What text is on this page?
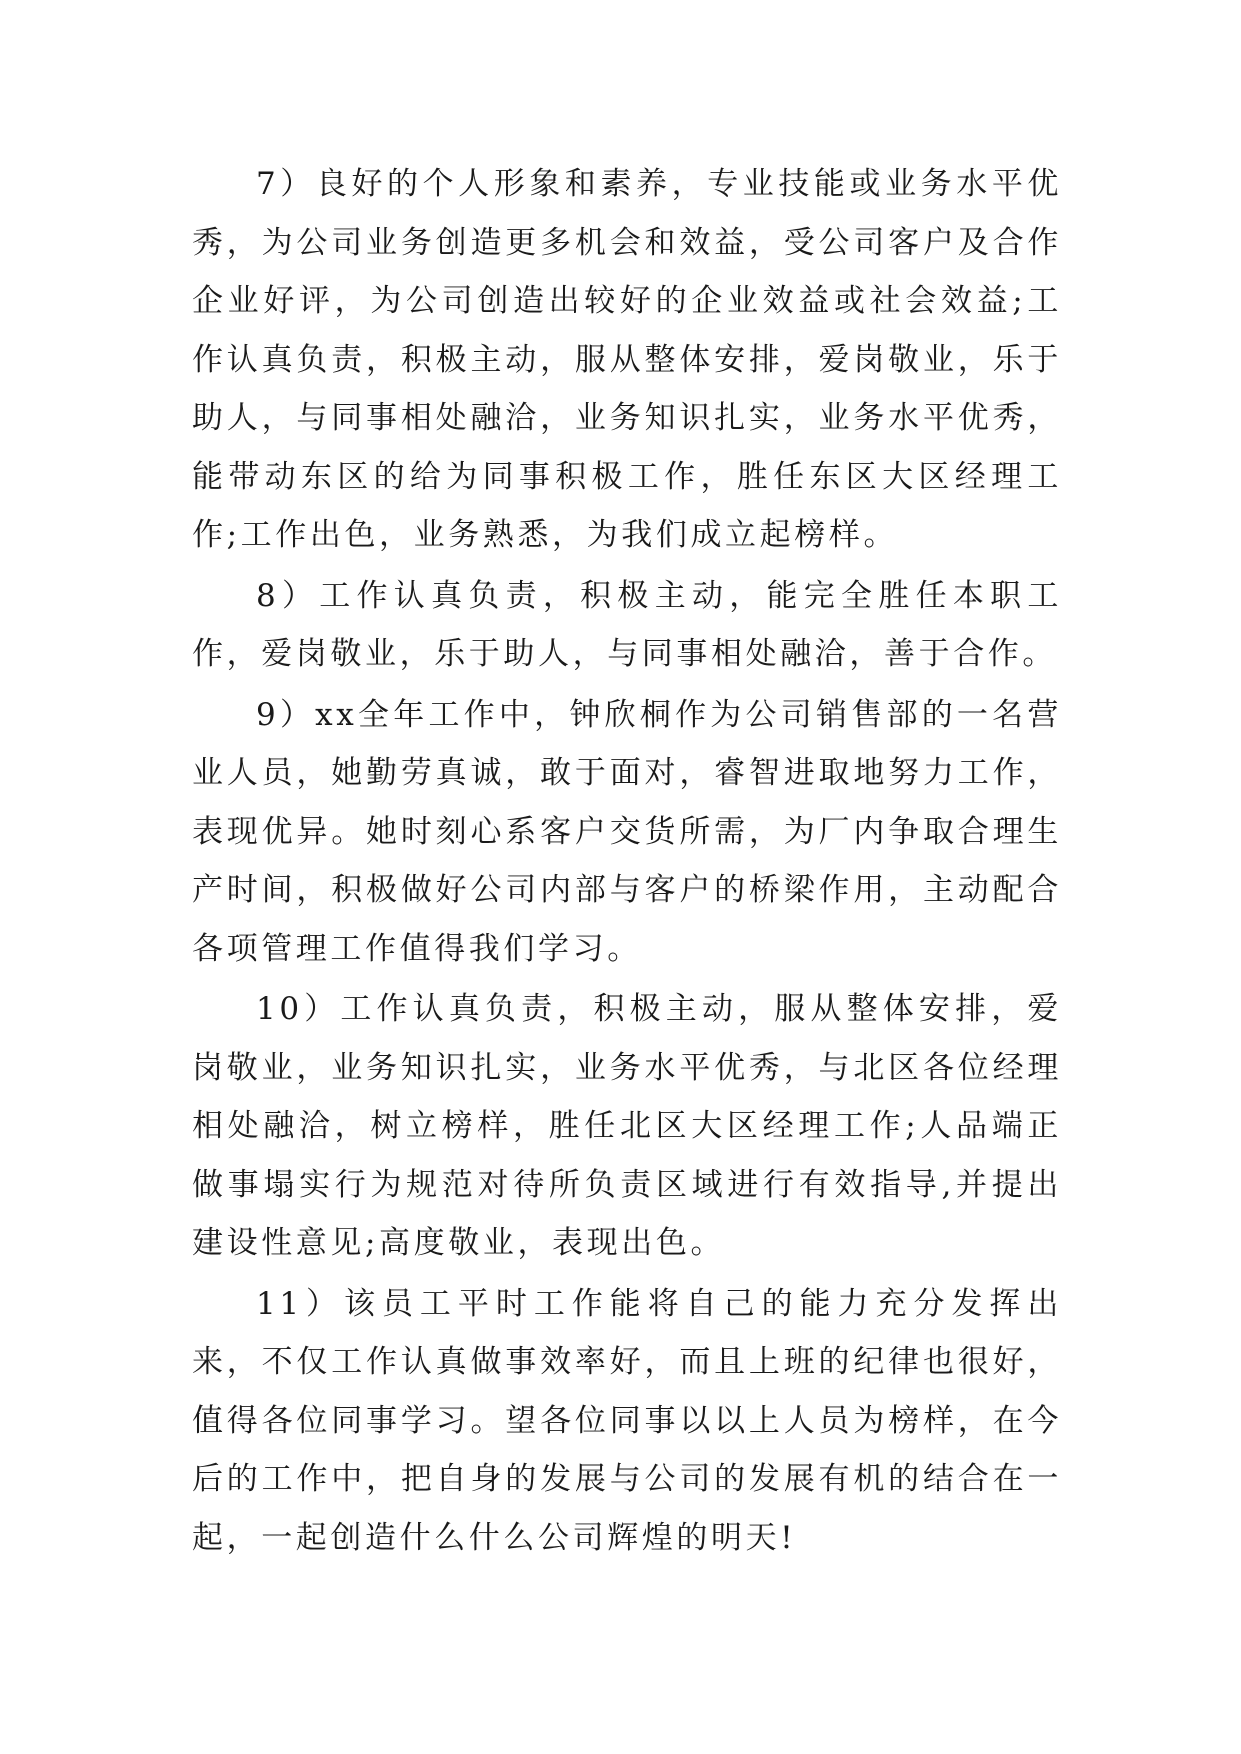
7）良好的个人形象和素养，专业技能或业务水平优秀，为公司业务创造更多机会和效益，受公司客户及合作企业好评，为公司创造出较好的企业效益或社会效益;工作认真负责，积极主动，服从整体安排，爱岗敬业，乐于助人，与同事相处融洽，业务知识扎实，业务水平优秀，能带动东区的给为同事积极工作，胜任东区大区经理工作;工作出色，业务熟悉，为我们成立起榜样。

8）工作认真负责，积极主动，能完全胜任本职工作，爱岗敬业，乐于助人，与同事相处融洽，善于合作。

9）xx全年工作中，钟欣桐作为公司销售部的一名营业人员，她勤劳真诚，敢于面对，睿智进取地努力工作，表现优异。她时刻心系客户交货所需，为厂内争取合理生产时间，积极做好公司内部与客户的桥梁作用，主动配合各项管理工作值得我们学习。

10）工作认真负责，积极主动，服从整体安排，爱岗敬业，业务知识扎实，业务水平优秀，与北区各位经理相处融洽，树立榜样，胜任北区大区经理工作;人品端正做事塌实行为规范对待所负责区域进行有效指导,并提出建设性意见;高度敬业，表现出色。

11）该员工平时工作能将自己的能力充分发挥出来，不仅工作认真做事效率好，而且上班的纪律也很好，值得各位同事学习。望各位同事以以上人员为榜样，在今后的工作中，把自身的发展与公司的发展有机的结合在一起，一起创造什么什么公司辉煌的明天!
